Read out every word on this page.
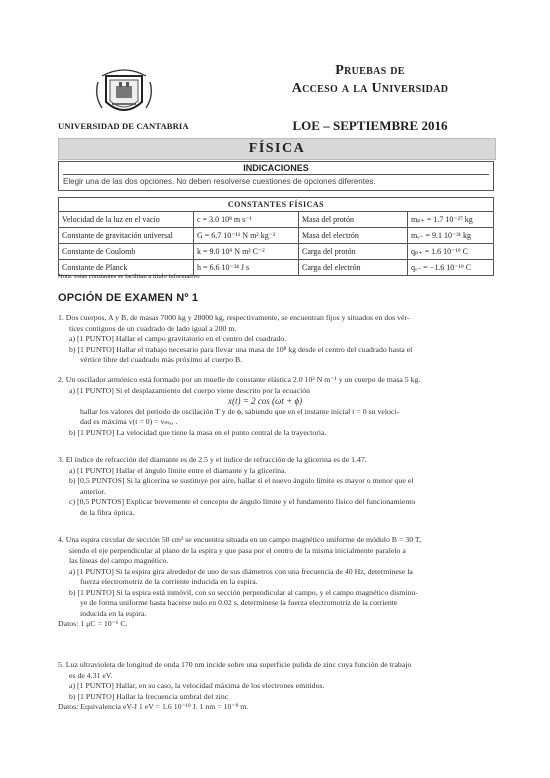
UNIVERSIDAD DE CANTABRIA
Pruebas de
Acceso a la Universidad
LOE – SEPTIEMBRE 2016
FÍSICA
INDICACIONES
Elegir una de las dos opciones. No deben resolverse cuestiones de opciones diferentes.
CONSTANTES FÍSICAS			
Velocidad de la luz en el vacío	c = 3.0 10⁸ m s⁻¹	Masa del protón	mₚ₊ = 1.7 10⁻²⁷ kg
Constante de gravitación universal	G = 6.7 10⁻¹¹ N m² kg⁻²	Masa del electrón	mₑ₋ = 9.1 10⁻³¹ kg
Constante de Coulomb	k = 9.0 10⁹ N m² C⁻²	Carga del protón	qₚ₊ = 1.6 10⁻¹⁹ C
Constante de Planck	h = 6.6 10⁻³⁴ J s	Carga del electrón	qₑ₋ = −1.6 10⁻¹⁹ C
Nota: estas constantes se facilitan a título informativo
OPCIÓN DE EXAMEN Nº 1

1. Dos cuerpos, A y B, de masas 7000 kg y 28000 kg, respectivamente, se encuentran fijos y situados en dos vér-

tices contiguos de un cuadrado de lado igual a 200 m.

a) [1 PUNTO] Hallar el campo gravitatorio en el centro del cuadrado.

b) [1 PUNTO] Hallar el trabajo necesario para llevar una masa de 10⁸ kg desde el centro del cuadrado hasta el

vértice libre del cuadrado más próximo al cuerpo B.

2. Un oscilador armónico está formado por un muelle de constante elástica 2.0 10² N m⁻¹ y un cuerpo de masa 5 kg.

a) [1 PUNTO] Si el desplazamiento del cuerpo viene descrito por la ecuación

x(t) = 2 cos (ωt + ϕ)

hallar los valores del periodo de oscilación T y de ϕ, sabiendo que en el instante inicial t = 0 su veloci-

dad es máxima v(t = 0) = vₘₐₓ .

b) [1 PUNTO] La velocidad que tiene la masa en el punto central de la trayectoria.

3. El índice de refracción del diamante es de 2.5 y el índice de refracción de la glicerina es de 1.47.

a) [1 PUNTO] Hallar el ángulo límite entre el diamante y la glicerina.

b) [0,5 PUNTOS] Si la glicerina se sustituye por aire, hallar si el nuevo ángulo límite es mayor o menor que el

anterior.

c) [0,5 PUNTOS] Explicar brevemente el concepto de ángulo límite y el fundamento físico del funcionamiento

de la fibra óptica.

4. Una espira circular de sección 50 cm² se encuentra situada en un campo magnético uniforme de módulo B = 30 T,

siendo el eje perpendicular al plano de la espira y que pasa por el centro de la misma inicialmente paralelo a

las líneas del campo magnético.

a) [1 PUNTO] Si la espira gira alrededor de uno de sus diámetros con una frecuencia de 40 Hz, determínese la

fuerza electromotriz de la corriente inducida en la espira.

b) [1 PUNTO] Si la espira está inmóvil, con su sección perpendicular al campo, y el campo magnético disminu-

ye de forma uniforme hasta hacerse nulo en 0.02 s, determínese la fuerza electromotriz de la corriente

inducida en la espira.

Datos: 1 μC = 10⁻⁶ C.

5. Luz ultravioleta de longitud de onda 170 nm incide sobre una superficie pulida de zinc cuya función de trabajo

es de 4.31 eV.

a) [1 PUNTO] Hallar, en su caso, la velocidad máxima de los electrones emitidos.

b) [1 PUNTO] Hallar la frecuencia umbral del zinc

Datos: Equivalencia eV-J 1 eV = 1.6 10⁻¹⁹ J. 1 nm = 10⁻⁹ m.
